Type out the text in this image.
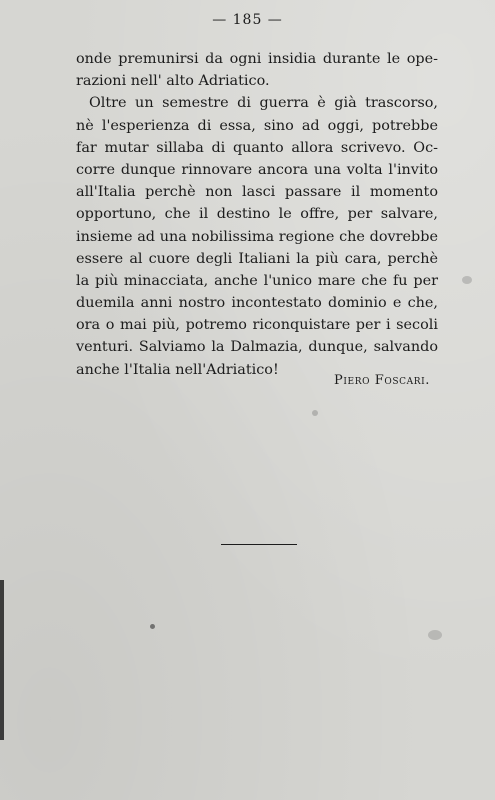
— 185 —
onde premunirsi da ogni insidia durante le ope-
razioni nell' alto Adriatico.
Oltre un semestre di guerra è già trascorso,
nè l'esperienza di essa, sino ad oggi, potrebbe
far mutar sillaba di quanto allora scrivevo. Oc-
corre dunque rinnovare ancora una volta l'invito
all'Italia perchè non lasci passare il momento
opportuno, che il destino le offre, per salvare,
insieme ad una nobilissima regione che dovrebbe
essere al cuore degli Italiani la più cara, perchè
la più minacciata, anche l'unico mare che fu per
duemila anni nostro incontestato dominio e che,
ora o mai più, potremo riconquistare per i secoli
venturi. Salviamo la Dalmazia, dunque, salvando
anche l'Italia nell'Adriatico!
Piero Foscari.
